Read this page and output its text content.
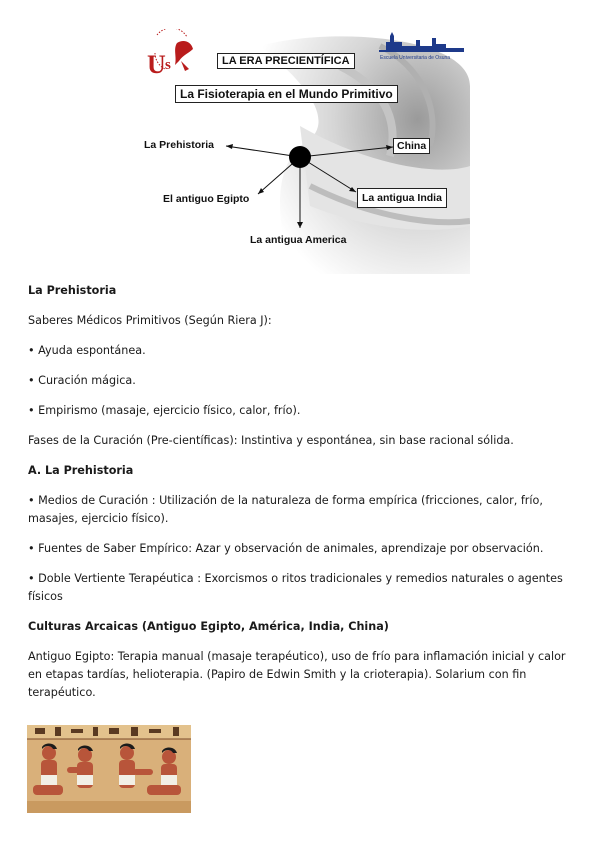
U s	LA ERA PRECIENTÍFICA
La Fisioterapia en el Mundo Primitivo
Escuela Universitaria de Osuna
La Prehistoria	China
El antiguo Egipto	La antigua India
La antigua America

La Prehistoria

Saberes Médicos Primitivos (Según Riera J):

• Ayuda espontánea.

• Curación mágica.

• Empirismo (masaje, ejercicio físico, calor, frío).

Fases de la Curación (Pre-científicas): Instintiva y espontánea, sin base racional sólida.

A. La Prehistoria

• Medios de Curación : Utilización de la naturaleza de forma empírica (fricciones, calor, frío, masajes, ejercicio físico).

• Fuentes de Saber Empírico: Azar y observación de animales, aprendizaje por observación.

• Doble Vertiente Terapéutica : Exorcismos o ritos tradicionales y remedios naturales o agentes físicos

Culturas Arcaicas (Antiguo Egipto, América, India, China)

Antiguo Egipto: Terapia manual (masaje terapéutico), uso de frío para inflamación inicial y calor en etapas tardías, helioterapia. (Papiro de Edwin Smith y la crioterapia). Solarium con fin terapéutico.
